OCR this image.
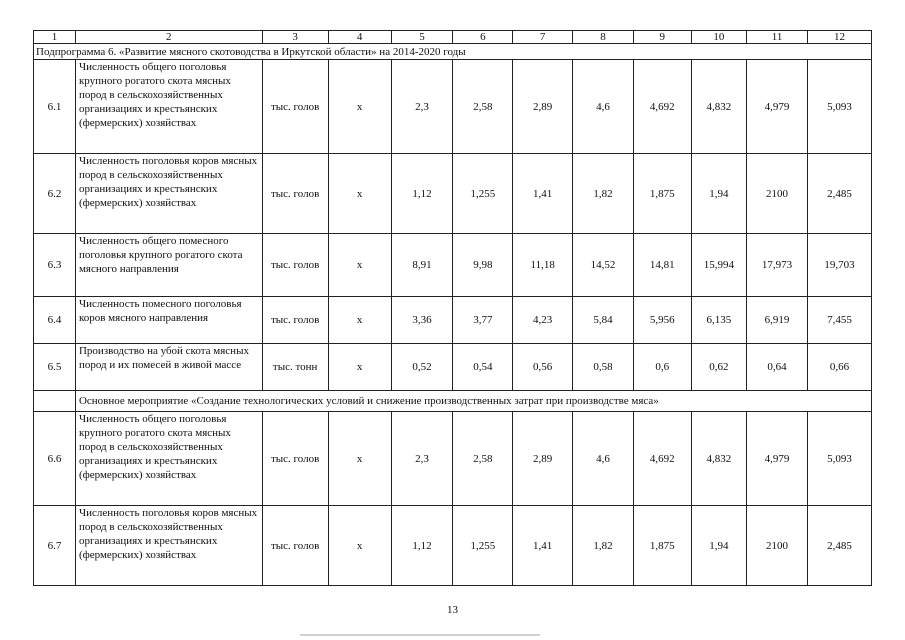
1	2	3	4	5	6	7	8	9	10	11	12
Подпрограмма 6. «Развитие мясного скотоводства в Иркутской области» на 2014-2020 годы											
6.1	Численность общего поголовья крупного рогатого скота мясных пород в сельскохозяйственных организациях и крестьянских (фермерских) хозяйствах	тыс. голов	х	2,3	2,58	2,89	4,6	4,692	4,832	4,979	5,093
6.2	Численность поголовья коров мясных пород в сельскохозяйственных организациях и крестьянских (фермерских) хозяйствах	тыс. голов	х	1,12	1,255	1,41	1,82	1,875	1,94	2100	2,485
6.3	Численность общего помесного поголовья крупного рогатого скота мясного направления	тыс. голов	х	8,91	9,98	11,18	14,52	14,81	15,994	17,973	19,703
6.4	Численность помесного поголовья коров мясного направления	тыс. голов	х	3,36	3,77	4,23	5,84	5,956	6,135	6,919	7,455
6.5	Производство на убой скота мясных пород и их помесей в живой массе	тыс. тонн	х	0,52	0,54	0,56	0,58	0,6	0,62	0,64	0,66
	Основное мероприятие «Создание технологических условий и снижение производственных затрат при производстве мяса»										
6.6	Численность общего поголовья крупного рогатого скота мясных пород в сельскохозяйственных организациях и крестьянских (фермерских) хозяйствах	тыс. голов	х	2,3	2,58	2,89	4,6	4,692	4,832	4,979	5,093
6.7	Численность поголовья коров мясных пород в сельскохозяйственных организациях и крестьянских (фермерских) хозяйствах	тыс. голов	х	1,12	1,255	1,41	1,82	1,875	1,94	2100	2,485
13
